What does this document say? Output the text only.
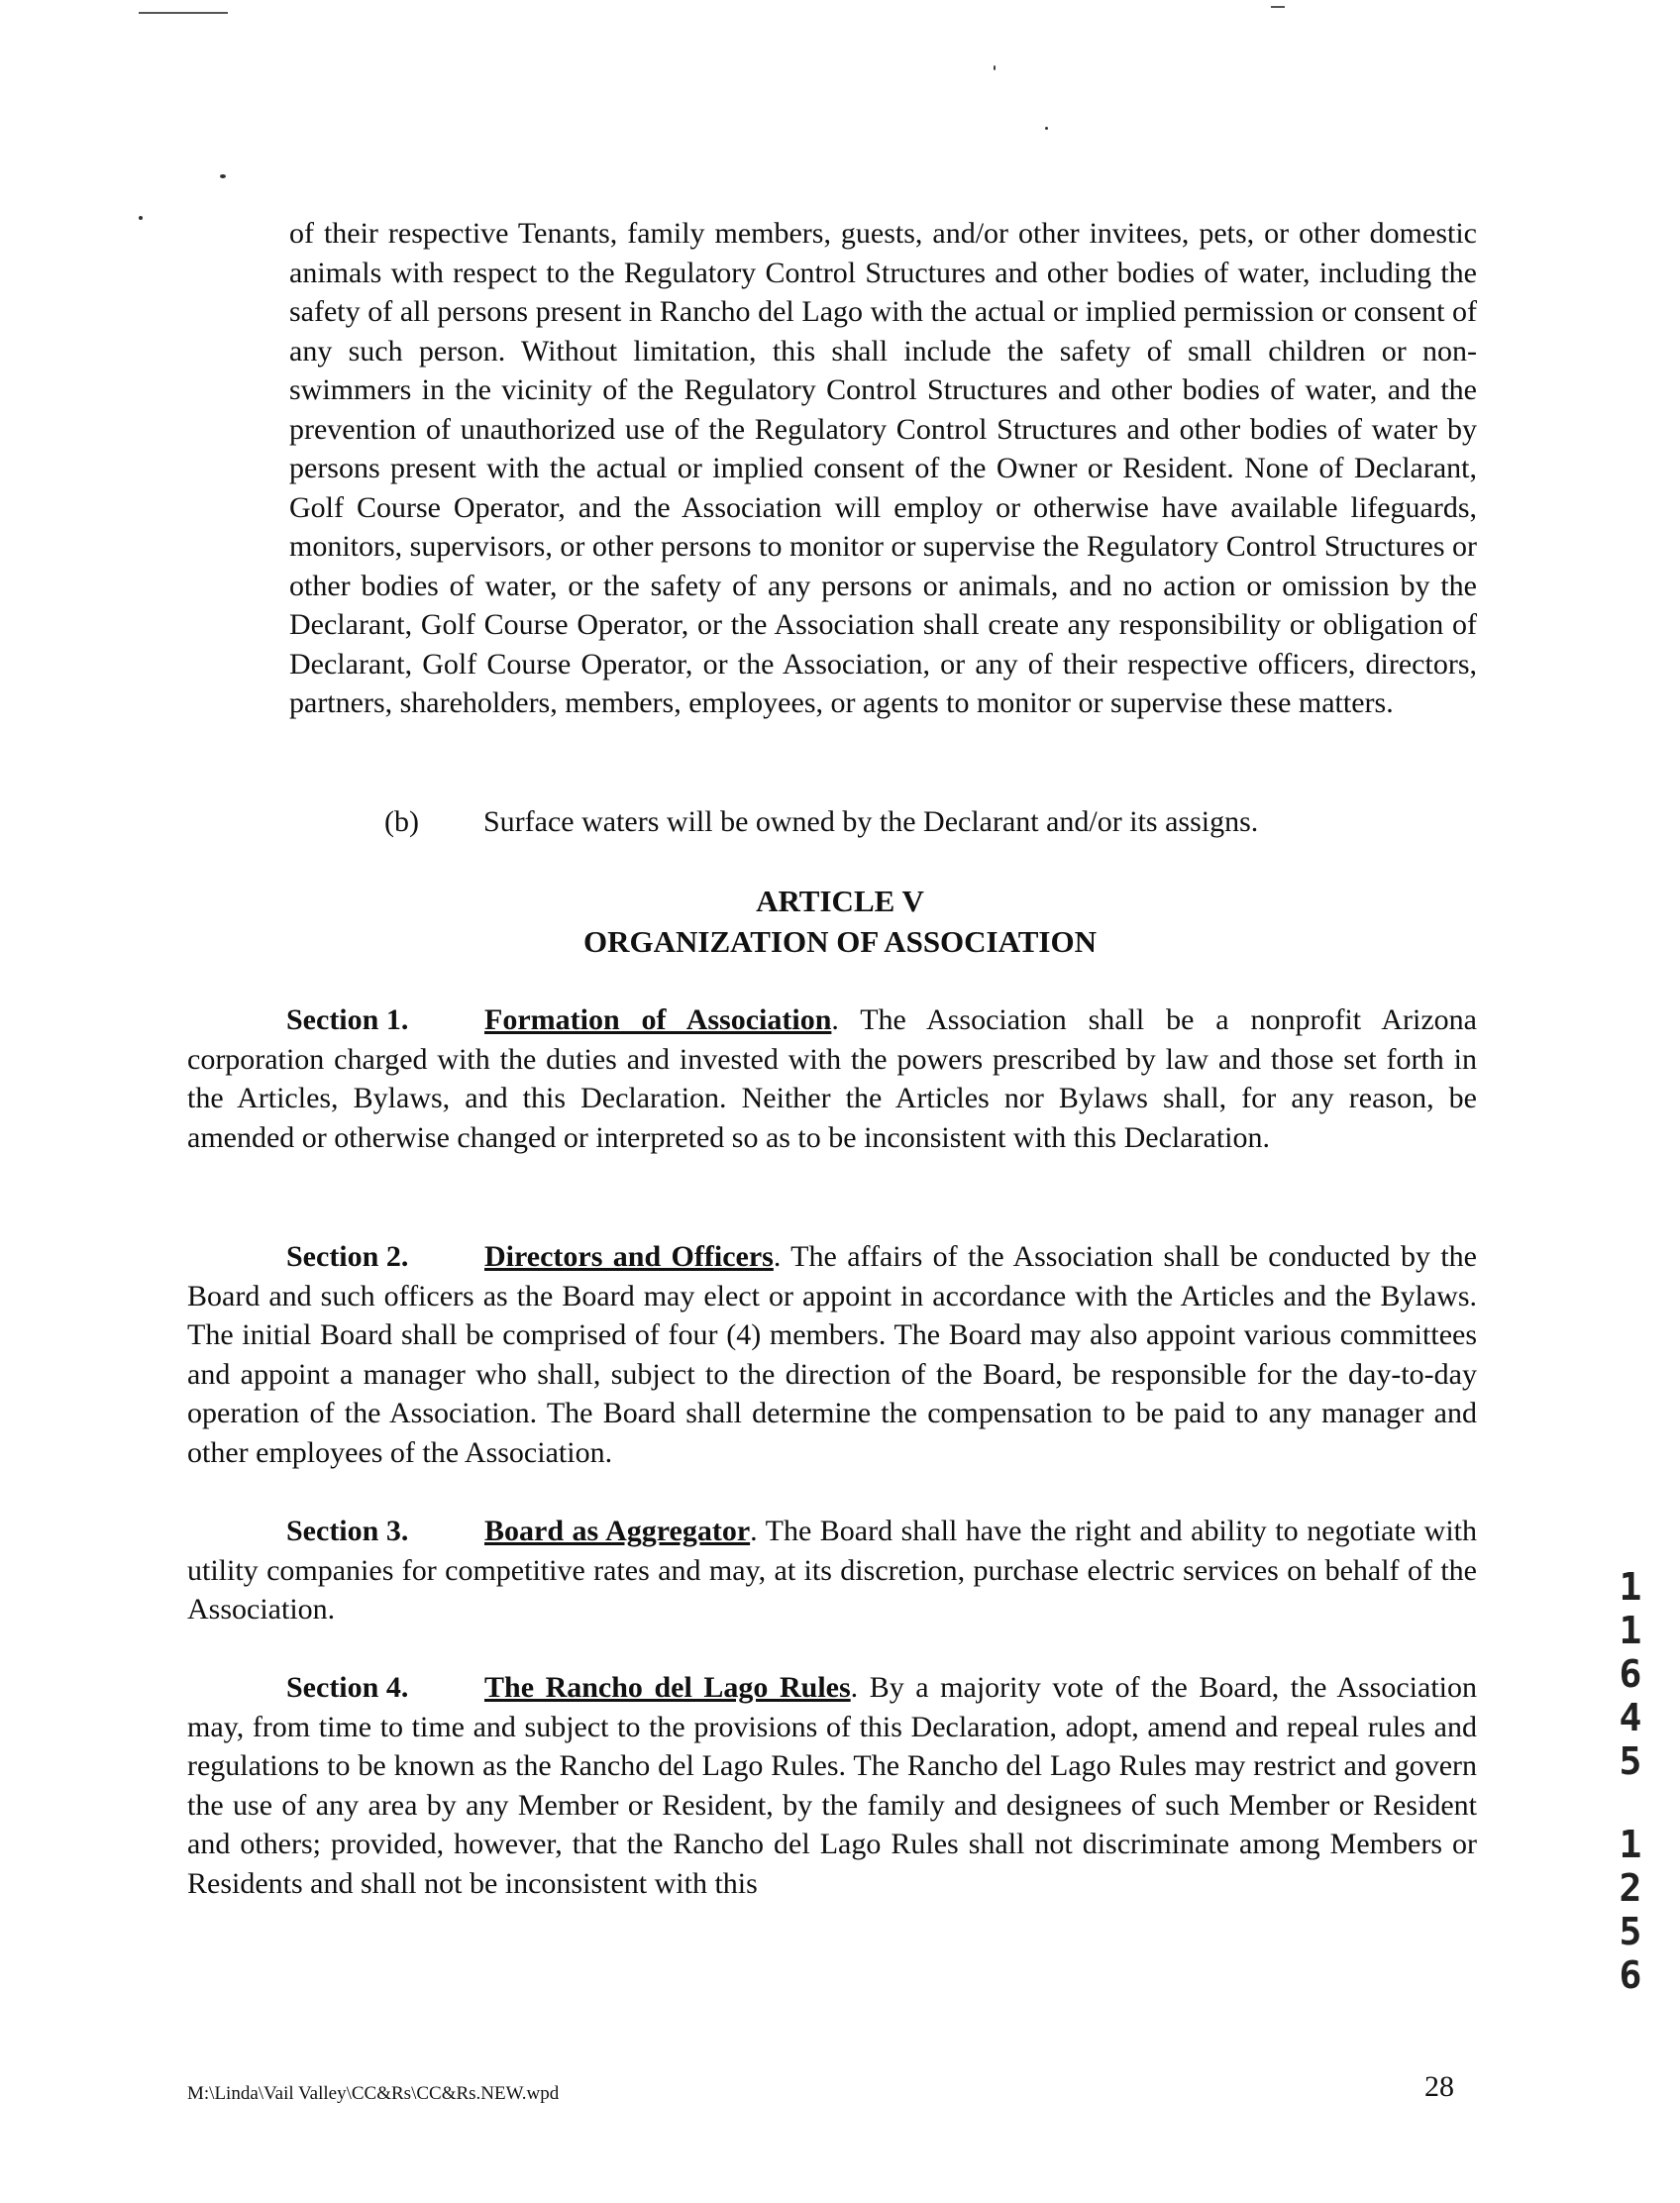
of their respective Tenants, family members, guests, and/or other invitees, pets, or other domestic animals with respect to the Regulatory Control Structures and other bodies of water, including the safety of all persons present in Rancho del Lago with the actual or implied permission or consent of any such person. Without limitation, this shall include the safety of small children or non-swimmers in the vicinity of the Regulatory Control Structures and other bodies of water, and the prevention of unauthorized use of the Regulatory Control Structures and other bodies of water by persons present with the actual or implied consent of the Owner or Resident. None of Declarant, Golf Course Operator, and the Association will employ or otherwise have available lifeguards, monitors, supervisors, or other persons to monitor or supervise the Regulatory Control Structures or other bodies of water, or the safety of any persons or animals, and no action or omission by the Declarant, Golf Course Operator, or the Association shall create any responsibility or obligation of Declarant, Golf Course Operator, or the Association, or any of their respective officers, directors, partners, shareholders, members, employees, or agents to monitor or supervise these matters.

(b) Surface waters will be owned by the Declarant and/or its assigns.
ARTICLE V
ORGANIZATION OF ASSOCIATION

Section 1.	Formation of Association. The Association shall be a nonprofit Arizona corporation charged with the duties and invested with the powers prescribed by law and those set forth in the Articles, Bylaws, and this Declaration. Neither the Articles nor Bylaws shall, for any reason, be amended or otherwise changed or interpreted so as to be inconsistent with this Declaration.

Section 2.	Directors and Officers. The affairs of the Association shall be conducted by the Board and such officers as the Board may elect or appoint in accordance with the Articles and the Bylaws. The initial Board shall be comprised of four (4) members. The Board may also appoint various committees and appoint a manager who shall, subject to the direction of the Board, be responsible for the day-to-day operation of the Association. The Board shall determine the compensation to be paid to any manager and other employees of the Association.

Section 3.	Board as Aggregator. The Board shall have the right and ability to negotiate with utility companies for competitive rates and may, at its discretion, purchase electric services on behalf of the Association.

Section 4.	The Rancho del Lago Rules. By a majority vote of the Board, the Association may, from time to time and subject to the provisions of this Declaration, adopt, amend and repeal rules and regulations to be known as the Rancho del Lago Rules. The Rancho del Lago Rules may restrict and govern the use of any area by any Member or Resident, by the family and designees of such Member or Resident and others; provided, however, that the Rancho del Lago Rules shall not discriminate among Members or Residents and shall not be inconsistent with this

M:\Linda\Vail Valley\CC&Rs\CC&Rs.NEW.wpd	28
1
1
6
4
5
1
2
5
6
